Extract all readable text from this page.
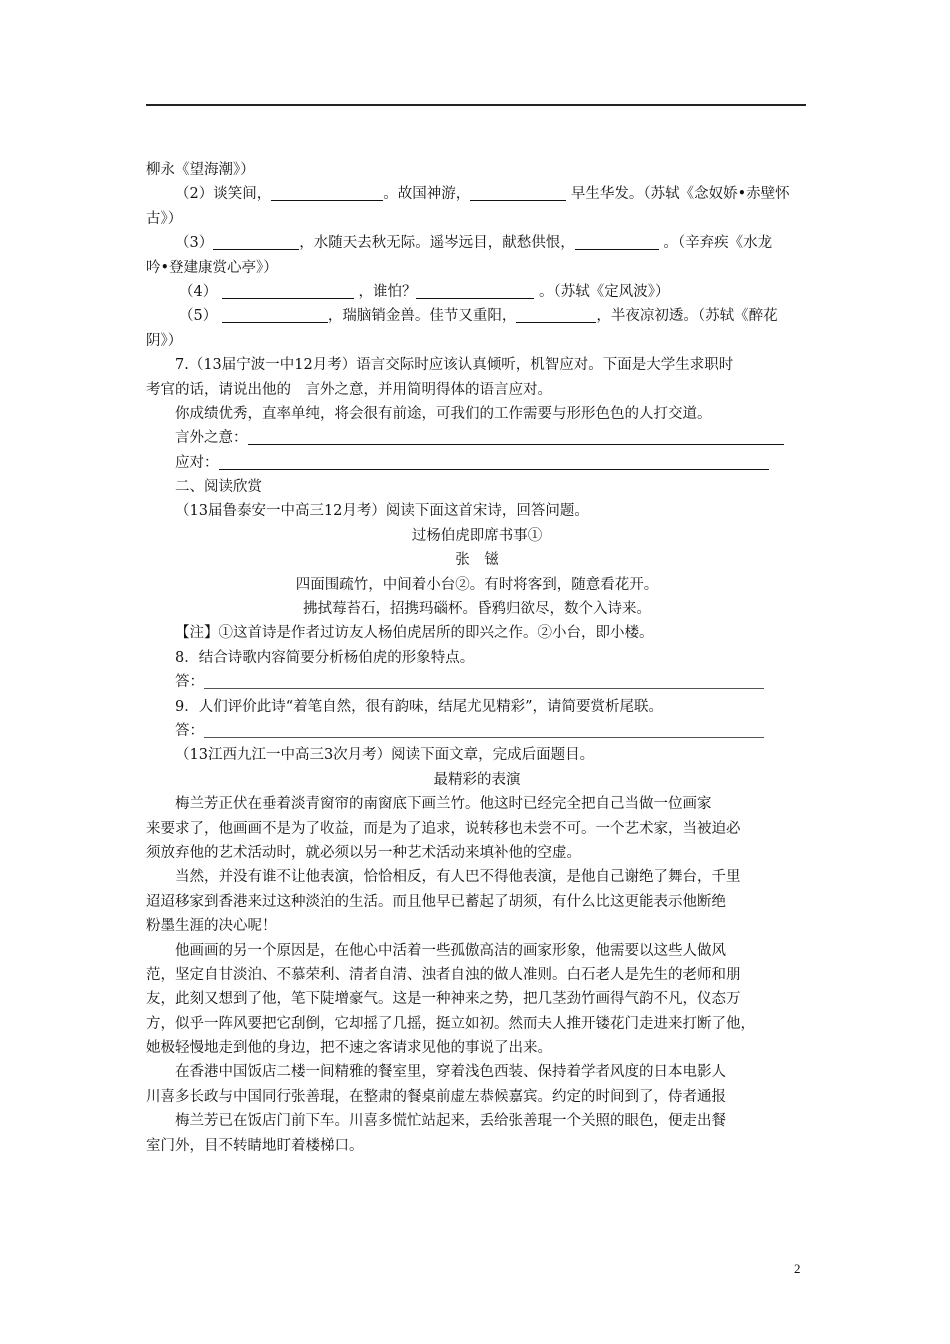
柳永《望海潮》）
（2）谈笑间，	。故国神游，	早生华发。（苏轼《念奴娇•赤壁怀
古》）
（3）	，水随天去秋无际。遥岑远目，献愁供恨，	。（辛弃疾《水龙
吟•登建康赏心亭》）
（4）	，谁怕？	。（苏轼《定风波》）
（5）	，瑞脑销金兽。佳节又重阳，	，半夜凉初透。（苏轼《醉花
阴》）
7.（13届宁波一中12月考）语言交际时应该认真倾听，机智应对。下面是大学生求职时
考官的话，请说出他的　言外之意，并用简明得体的语言应对。
你成绩优秀，直率单纯，将会很有前途，可我们的工作需要与形形色色的人打交道。
言外之意：
应对：
二、阅读欣赏
（13届鲁泰安一中高三12月考）阅读下面这首宋诗，回答问题。
过杨伯虎即席书事①
张　镃
四面围疏竹，中间着小台②。有时将客到，随意看花开。
拂拭莓苔石，招携玛碯杯。昏鸦归欲尽，数个入诗来。
【注】①这首诗是作者过访友人杨伯虎居所的即兴之作。②小台，即小楼。
8．结合诗歌内容简要分析杨伯虎的形象特点。
答：
9．人们评价此诗“着笔自然，很有韵味，结尾尤见精彩”，请简要赏析尾联。
答：
（13江西九江一中高三3次月考）阅读下面文章，完成后面题目。
最精彩的表演
梅兰芳正伏在垂着淡青窗帘的南窗底下画兰竹。他这时已经完全把自己当做一位画家
来要求了，他画画不是为了收益，而是为了追求，说转移也未尝不可。一个艺术家，当被迫必
须放弃他的艺术活动时，就必须以另一种艺术活动来填补他的空虚。
当然，并没有谁不让他表演，恰恰相反，有人巴不得他表演，是他自己谢绝了舞台，千里
迢迢移家到香港来过这种淡泊的生活。而且他早已蓄起了胡须，有什么比这更能表示他断绝
粉墨生涯的决心呢！
他画画的另一个原因是，在他心中活着一些孤傲高洁的画家形象，他需要以这些人做风
范，坚定自甘淡泊、不慕荣利、清者自清、浊者自浊的做人准则。白石老人是先生的老师和朋
友，此刻又想到了他，笔下陡增豪气。这是一种神来之势，把几茎劲竹画得气韵不凡，仪态万
方，似乎一阵风要把它刮倒，它却摇了几摇，挺立如初。然而夫人推开镂花门走进来打断了他，
她极轻慢地走到他的身边，把不速之客请求见他的事说了出来。
在香港中国饭店二楼一间精雅的餐室里，穿着浅色西装、保持着学者风度的日本电影人
川喜多长政与中国同行张善琨，在整肃的餐桌前虚左恭候嘉宾。约定的时间到了，侍者通报
梅兰芳已在饭店门前下车。川喜多慌忙站起来，丢给张善琨一个关照的眼色，便走出餐
室门外，目不转睛地盯着楼梯口。
2
